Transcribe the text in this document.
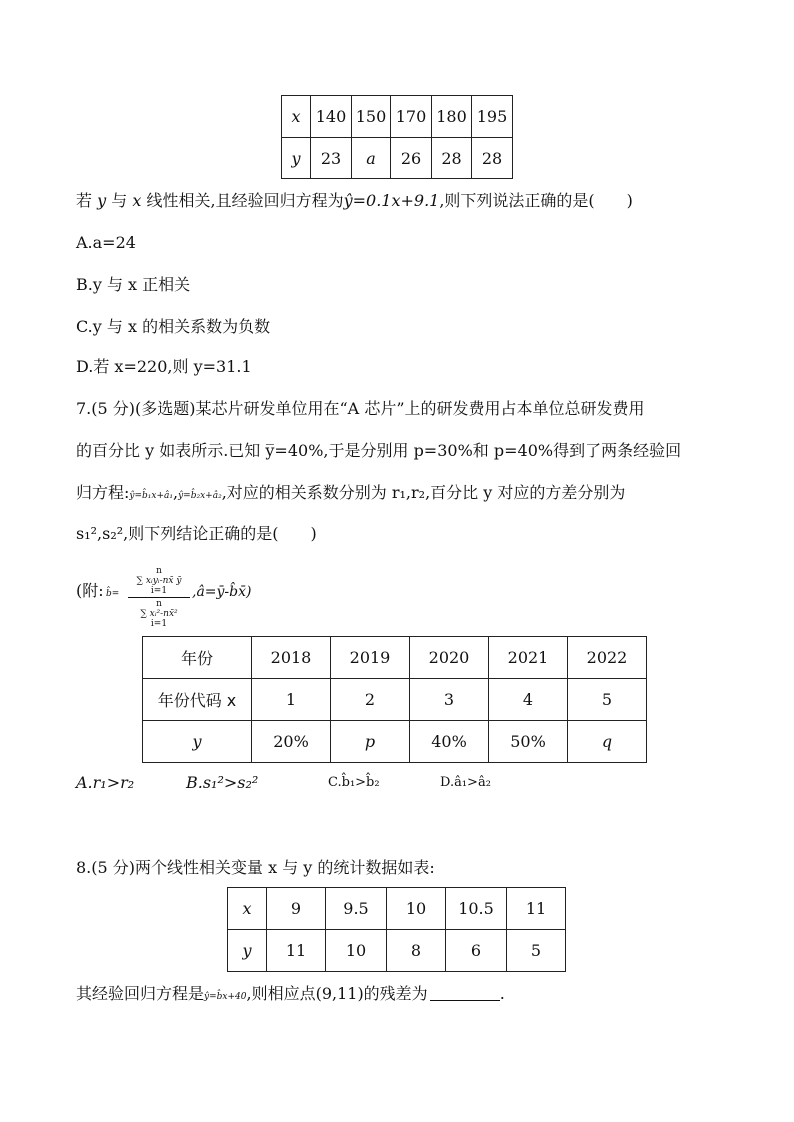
x	140	150	170	180	195
y	23	a	26	28	28
若 y 与 x 线性相关,且经验回归方程为ŷ=0.1x+9.1,则下列说法正确的是(　　)
A.a=24
B.y 与 x 正相关
C.y 与 x 的相关系数为负数
D.若 x=220,则 y=31.1
7.(5 分)(多选题)某芯片研发单位用在“A 芯片”上的研发费用占本单位总研发费用
的百分比 y 如表所示.已知 y̅=40%,于是分别用 p=30%和 p=40%得到了两条经验回
归方程:ŷ=b̂₁x+â₁,ŷ=b̂₂x+â₂,对应的相关系数分别为 r₁,r₂,百分比 y 对应的方差分别为
s₁²,s₂²,则下列结论正确的是(　　)
(附: b̂=
n
∑ xᵢyᵢ-nx̄ ȳ
i=1
n
∑ xᵢ²-nx̄²
i=1
,â=ȳ-b̂x̄)
年份	2018	2019	2020	2021	2022
年份代码 x	1	2	3	4	5
y	20%	p	40%	50%	q
A.r₁>r₂	B.s₁²>s₂²	C.b̂₁>b̂₂	D.â₁>â₂
8.(5 分)两个线性相关变量 x 与 y 的统计数据如表:
x	9	9.5	10	10.5	11
y	11	10	8	6	5
其经验回归方程是ŷ=b̂x+40,则相应点(9,11)的残差为	.
